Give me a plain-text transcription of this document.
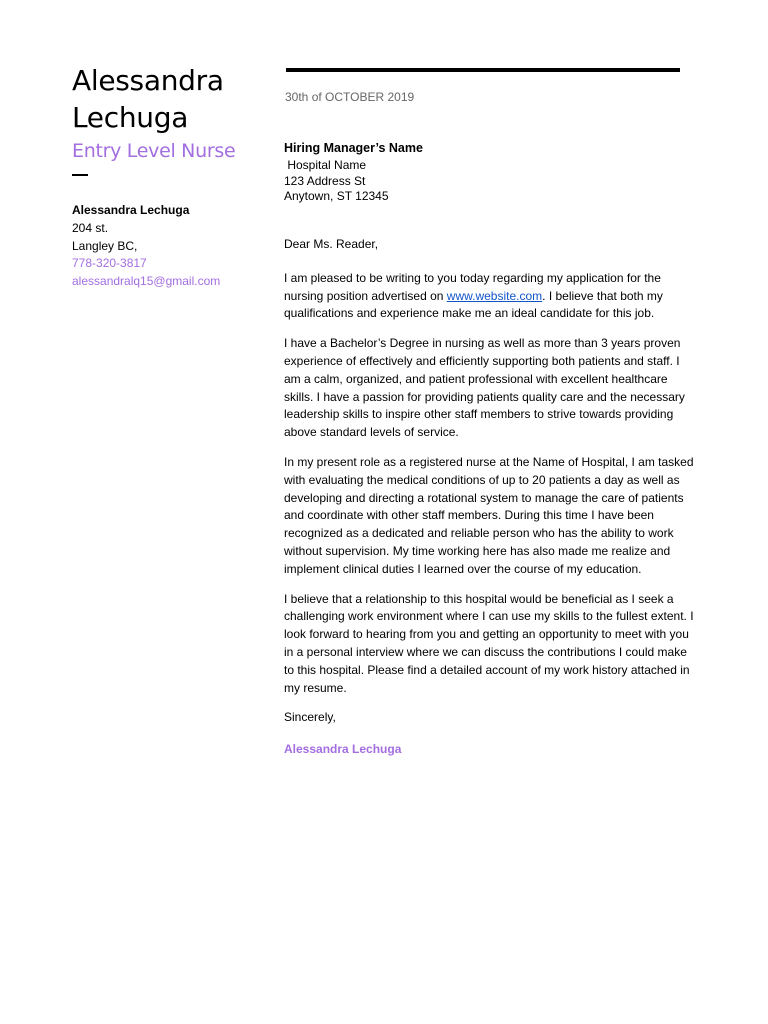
Alessandra
Lechuga
Entry Level Nurse
Alessandra Lechuga
204 st.
Langley BC,
778-320-3817
alessandralq15@gmail.com
30th of OCTOBER 2019
Hiring Manager’s Name
Hospital Name
123 Address St
Anytown, ST 12345

Dear Ms. Reader,

I am pleased to be writing to you today regarding my application for the nursing position advertised on www.website.com. I believe that both my qualifications and experience make me an ideal candidate for this job.

I have a Bachelor’s Degree in nursing as well as more than 3 years proven experience of effectively and efficiently supporting both patients and staff. I am a calm, organized, and patient professional with excellent healthcare skills. I have a passion for providing patients quality care and the necessary leadership skills to inspire other staff members to strive towards providing above standard levels of service.

In my present role as a registered nurse at the Name of Hospital, I am tasked with evaluating the medical conditions of up to 20 patients a day as well as developing and directing a rotational system to manage the care of patients and coordinate with other staff members. During this time I have been recognized as a dedicated and reliable person who has the ability to work without supervision. My time working here has also made me realize and implement clinical duties I learned over the course of my education.

I believe that a relationship to this hospital would be beneficial as I seek a challenging work environment where I can use my skills to the fullest extent. I look forward to hearing from you and getting an opportunity to meet with you in a personal interview where we can discuss the contributions I could make to this hospital. Please find a detailed account of my work history attached in my resume.

Sincerely,

Alessandra Lechuga
